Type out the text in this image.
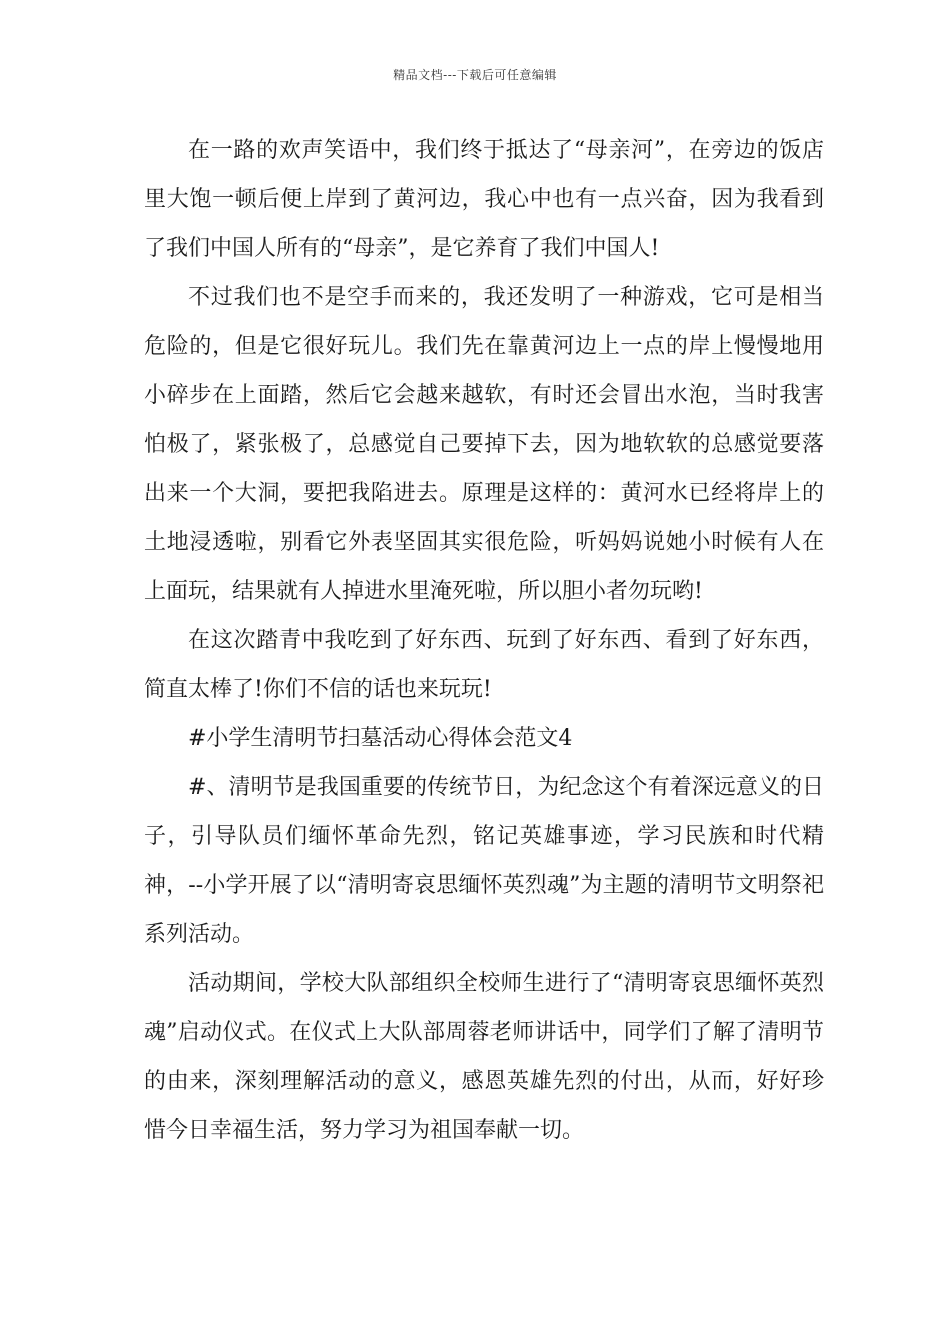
精品文档---下载后可任意编辑

在一路的欢声笑语中，我们终于抵达了“母亲河”，在旁边的饭店里大饱一顿后便上岸到了黄河边，我心中也有一点兴奋，因为我看到了我们中国人所有的“母亲”，是它养育了我们中国人!

不过我们也不是空手而来的，我还发明了一种游戏，它可是相当危险的，但是它很好玩儿。我们先在靠黄河边上一点的岸上慢慢地用小碎步在上面踏，然后它会越来越软，有时还会冒出水泡，当时我害怕极了，紧张极了，总感觉自己要掉下去，因为地软软的总感觉要落出来一个大洞，要把我陷进去。原理是这样的：黄河水已经将岸上的土地浸透啦，别看它外表坚固其实很危险，听妈妈说她小时候有人在上面玩，结果就有人掉进水里淹死啦，所以胆小者勿玩哟!

在这次踏青中我吃到了好东西、玩到了好东西、看到了好东西，简直太棒了!你们不信的话也来玩玩!

#小学生清明节扫墓活动心得体会范文4

#、清明节是我国重要的传统节日，为纪念这个有着深远意义的日子，引导队员们缅怀革命先烈，铭记英雄事迹，学习民族和时代精神，--小学开展了以“清明寄哀思缅怀英烈魂”为主题的清明节文明祭祀系列活动。

活动期间，学校大队部组织全校师生进行了“清明寄哀思缅怀英烈魂”启动仪式。在仪式上大队部周蓉老师讲话中，同学们了解了清明节的由来，深刻理解活动的意义，感恩英雄先烈的付出，从而，好好珍惜今日幸福生活，努力学习为祖国奉献一切。
